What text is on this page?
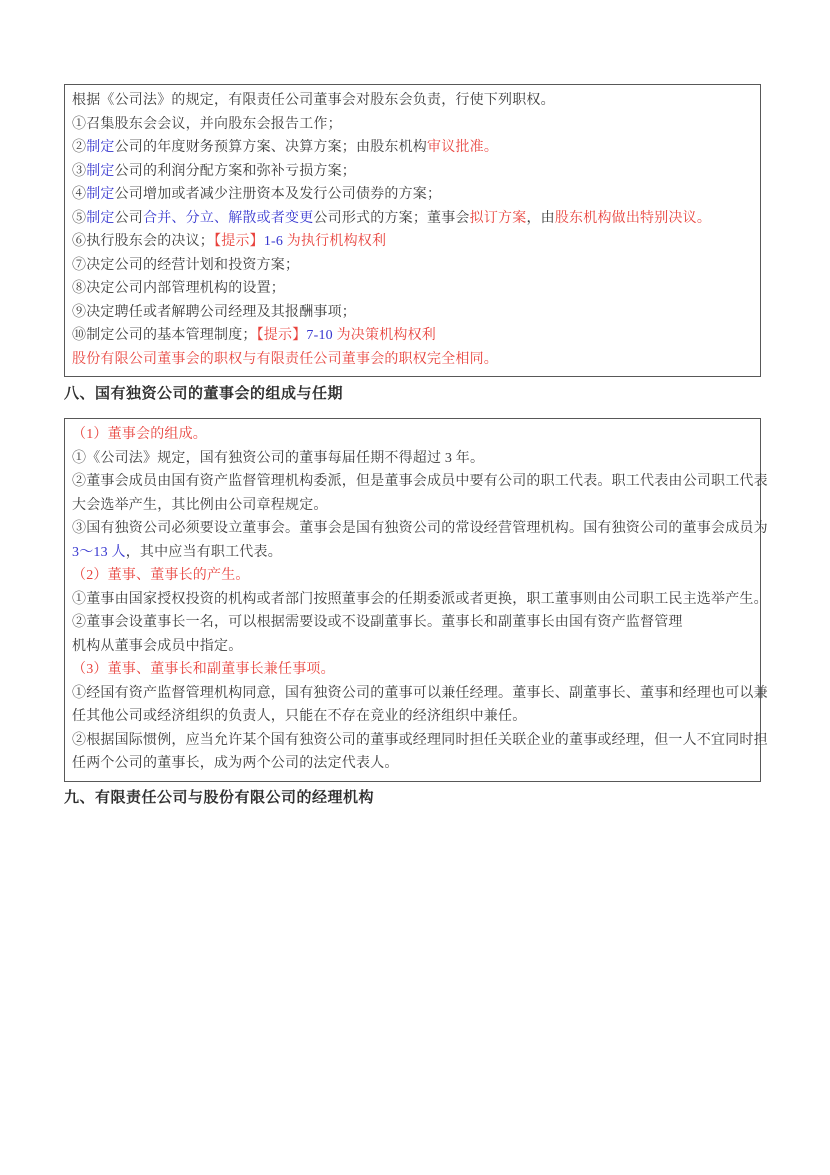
根据《公司法》的规定，有限责任公司董事会对股东会负责，行使下列职权。
①召集股东会会议，并向股东会报告工作；
②制定公司的年度财务预算方案、决算方案；由股东机构审议批准。
③制定公司的利润分配方案和弥补亏损方案；
④制定公司增加或者减少注册资本及发行公司债券的方案；
⑤制定公司合并、分立、解散或者变更公司形式的方案；董事会拟订方案，由股东机构做出特别决议。
⑥执行股东会的决议；【提示】1-6 为执行机构权利
⑦决定公司的经营计划和投资方案；
⑧决定公司内部管理机构的设置；
⑨决定聘任或者解聘公司经理及其报酬事项；
⑩制定公司的基本管理制度；【提示】7-10 为决策机构权利
股份有限公司董事会的职权与有限责任公司董事会的职权完全相同。
八、国有独资公司的董事会的组成与任期
（1）董事会的组成。
①《公司法》规定，国有独资公司的董事每届任期不得超过 3 年。
②董事会成员由国有资产监督管理机构委派，但是董事会成员中要有公司的职工代表。职工代表由公司职工代表
大会选举产生，其比例由公司章程规定。
③国有独资公司必须要设立董事会。董事会是国有独资公司的常设经营管理机构。国有独资公司的董事会成员为
3～13 人，其中应当有职工代表。
（2）董事、董事长的产生。
①董事由国家授权投资的机构或者部门按照董事会的任期委派或者更换，职工董事则由公司职工民主选举产生。
②董事会设董事长一名，可以根据需要设或不设副董事长。董事长和副董事长由国有资产监督管理
机构从董事会成员中指定。
（3）董事、董事长和副董事长兼任事项。
①经国有资产监督管理机构同意，国有独资公司的董事可以兼任经理。董事长、副董事长、董事和经理也可以兼
任其他公司或经济组织的负责人，只能在不存在竞业的经济组织中兼任。
②根据国际惯例，应当允许某个国有独资公司的董事或经理同时担任关联企业的董事或经理，但一人不宜同时担
任两个公司的董事长，成为两个公司的法定代表人。
九、有限责任公司与股份有限公司的经理机构
